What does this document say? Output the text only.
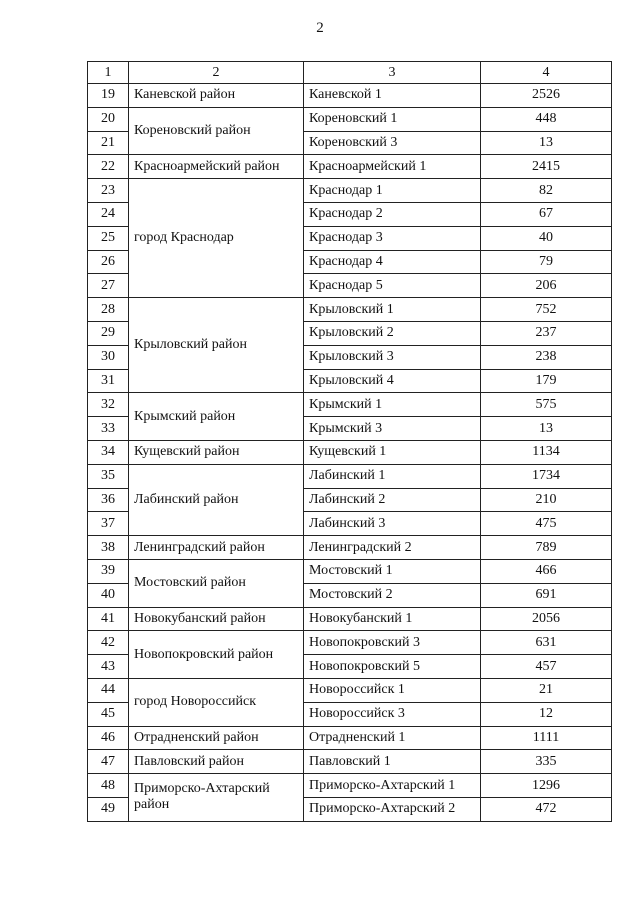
2
1	2	3	4
19	Каневской район	Каневской 1	2526
20	Кореновский район	Кореновский 1	448
21		Кореновский 3	13
22	Красноармейский район	Красноармейский 1	2415
23	город Краснодар	Краснодар 1	82
24		Краснодар 2	67
25		Краснодар 3	40
26		Краснодар 4	79
27		Краснодар 5	206
28	Крыловский район	Крыловский 1	752
29		Крыловский 2	237
30		Крыловский 3	238
31		Крыловский 4	179
32	Крымский район	Крымский 1	575
33		Крымский 3	13
34	Кущевский район	Кущевский 1	1134
35	Лабинский район	Лабинский 1	1734
36		Лабинский 2	210
37		Лабинский 3	475
38	Ленинградский район	Ленинградский 2	789
39	Мостовский район	Мостовский 1	466
40		Мостовский 2	691
41	Новокубанский район	Новокубанский 1	2056
42	Новопокровский район	Новопокровский 3	631
43		Новопокровский 5	457
44	город Новороссийск	Новороссийск 1	21
45		Новороссийск 3	12
46	Отрадненский район	Отрадненский 1	1111
47	Павловский район	Павловский 1	335
48	Приморско-Ахтарский район	Приморско-Ахтарский 1	1296
49		Приморско-Ахтарский 2	472
